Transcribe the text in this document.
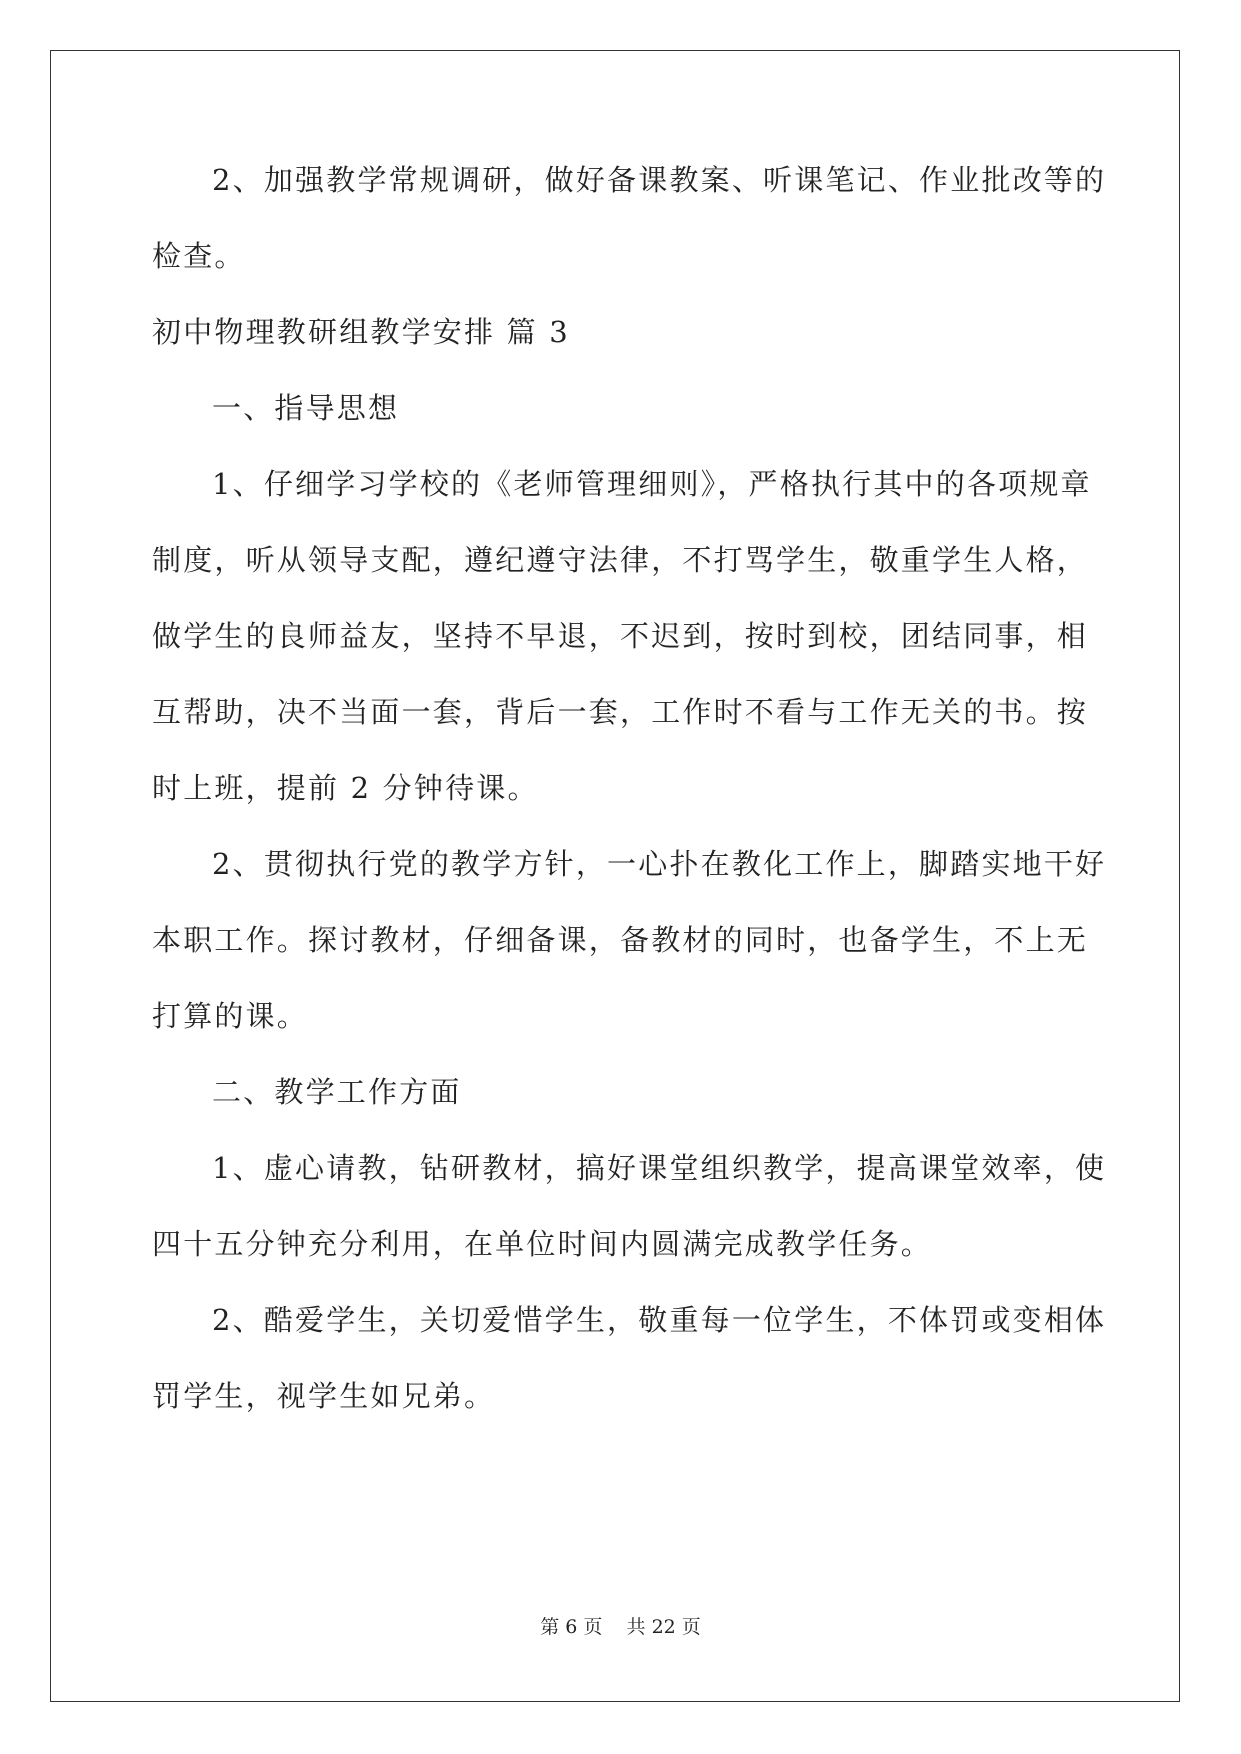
2、加强教学常规调研，做好备课教案、听课笔记、作业批改等的

检查。

初中物理教研组教学安排 篇 3

一、指导思想

1、仔细学习学校的《老师管理细则》，严格执行其中的各项规章

制度，听从领导支配，遵纪遵守法律，不打骂学生，敬重学生人格，

做学生的良师益友，坚持不早退，不迟到，按时到校，团结同事，相

互帮助，决不当面一套，背后一套，工作时不看与工作无关的书。按

时上班，提前 2 分钟待课。

2、贯彻执行党的教学方针，一心扑在教化工作上，脚踏实地干好

本职工作。探讨教材，仔细备课，备教材的同时，也备学生，不上无

打算的课。

二、教学工作方面

1、虚心请教，钻研教材，搞好课堂组织教学，提高课堂效率，使

四十五分钟充分利用，在单位时间内圆满完成教学任务。

2、酷爱学生，关切爱惜学生，敬重每一位学生，不体罚或变相体

罚学生，视学生如兄弟。

第 6 页    共 22 页
